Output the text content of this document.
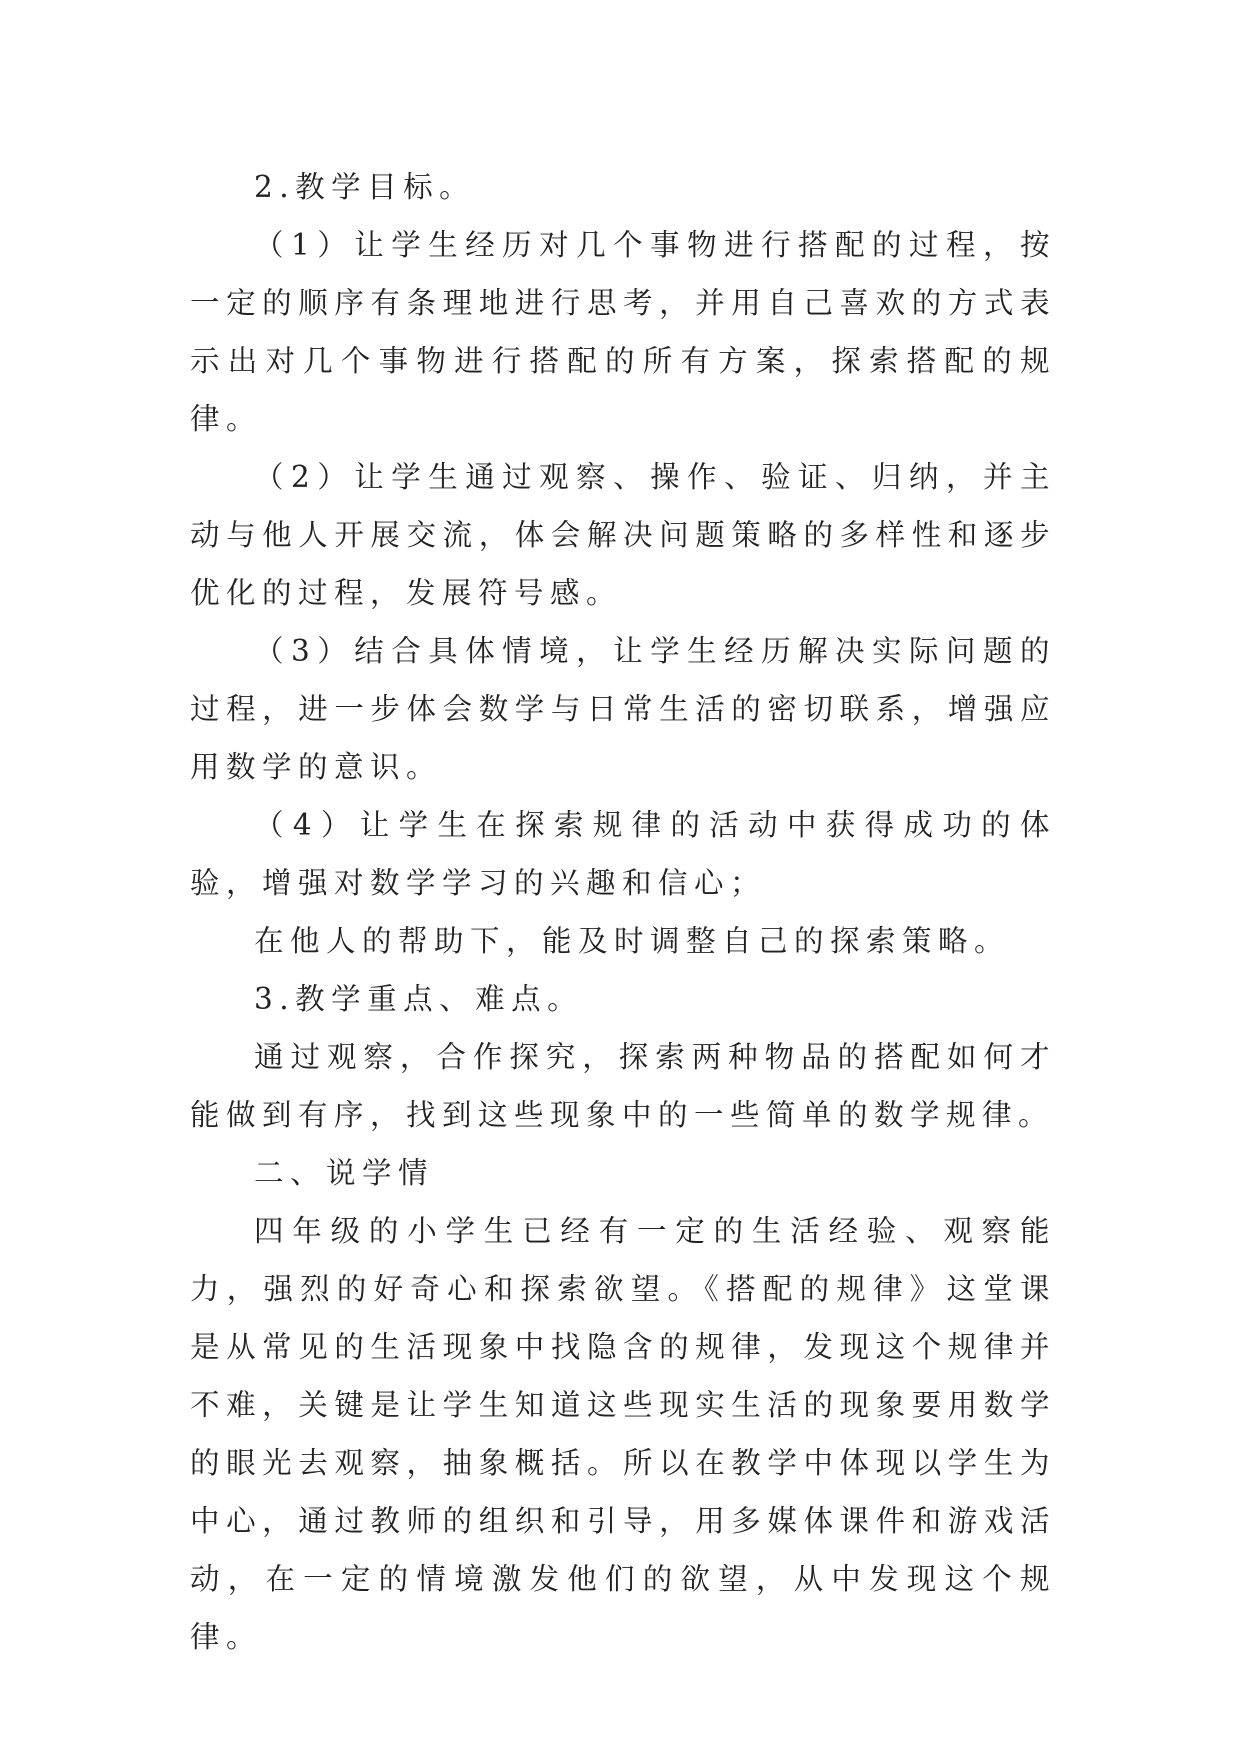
2.教学目标。

（1）让学生经历对几个事物进行搭配的过程，按一定的顺序有条理地进行思考，并用自己喜欢的方式表示出对几个事物进行搭配的所有方案，探索搭配的规律。

（2）让学生通过观察、操作、验证、归纳，并主动与他人开展交流，体会解决问题策略的多样性和逐步优化的过程，发展符号感。

（3）结合具体情境，让学生经历解决实际问题的过程，进一步体会数学与日常生活的密切联系，增强应用数学的意识。

（4）让学生在探索规律的活动中获得成功的体验，增强对数学学习的兴趣和信心；

在他人的帮助下，能及时调整自己的探索策略。

3.教学重点、难点。

通过观察，合作探究，探索两种物品的搭配如何才能做到有序，找到这些现象中的一些简单的数学规律。

二、说学情

四年级的小学生已经有一定的生活经验、观察能力，强烈的好奇心和探索欲望。《搭配的规律》这堂课是从常见的生活现象中找隐含的规律，发现这个规律并不难，关键是让学生知道这些现实生活的现象要用数学的眼光去观察，抽象概括。所以在教学中体现以学生为中心，通过教师的组织和引导，用多媒体课件和游戏活动，在一定的情境激发他们的欲望，从中发现这个规律。
